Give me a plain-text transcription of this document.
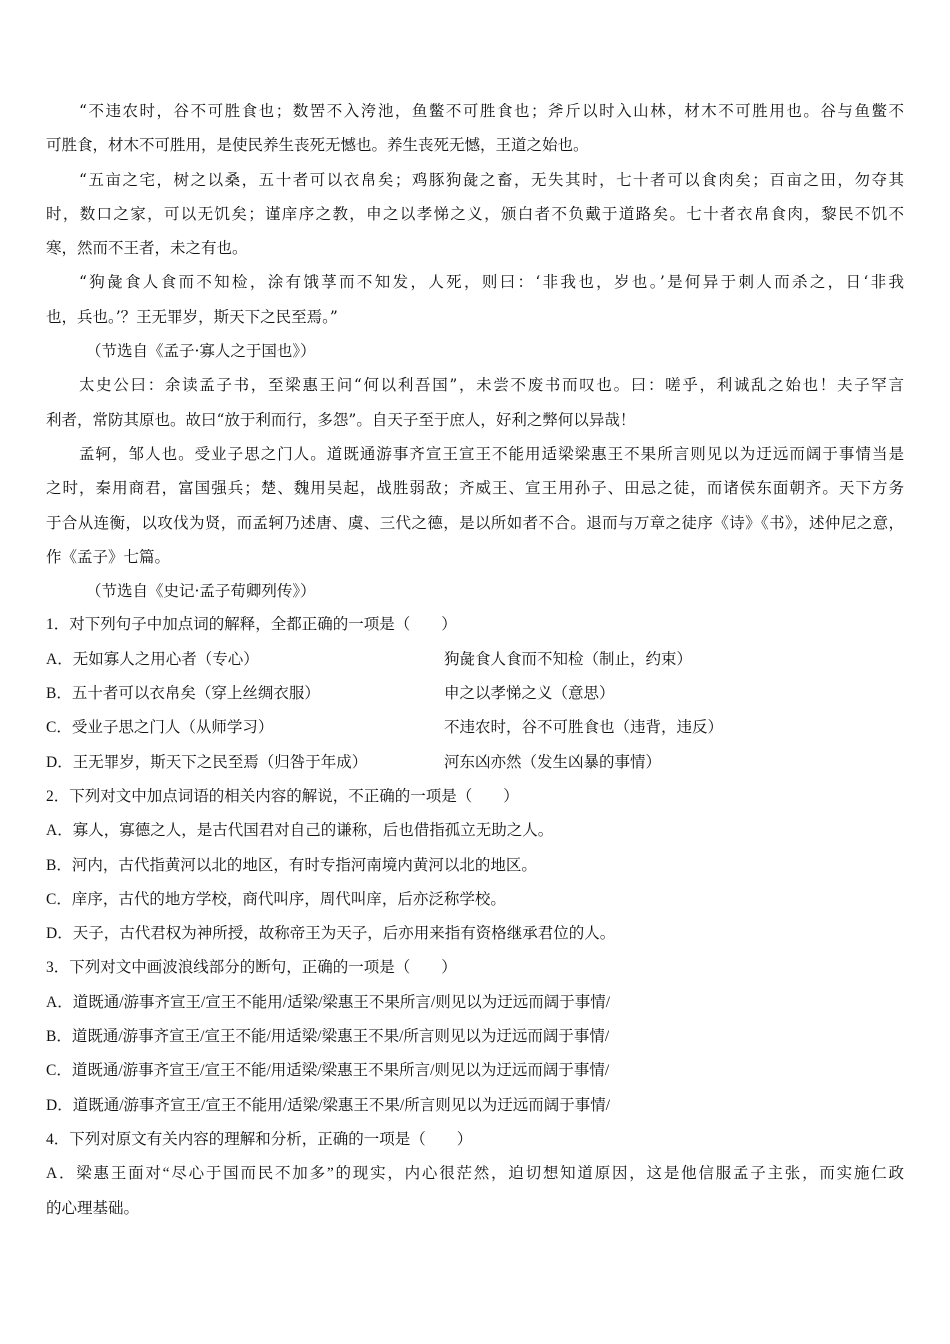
“不违农时，谷不可胜食也；数罟不入洿池，鱼鳖不可胜食也；斧斤以时入山林，材木不可胜用也。谷与鱼鳖不
可胜食，材木不可胜用，是使民养生丧死无憾也。养生丧死无憾，王道之始也。
“五亩之宅，树之以桑，五十者可以衣帛矣；鸡豚狗彘之畜，无失其时，七十者可以食肉矣；百亩之田，勿夺其
时，数口之家，可以无饥矣；谨庠序之教，申之以孝悌之义，颁白者不负戴于道路矣。七十者衣帛食肉，黎民不饥不
寒，然而不王者，未之有也。
“狗彘食人食而不知检，涂有饿莩而不知发，人死，则曰：‘非我也，岁也。’是何异于刺人而杀之，日‘非我
也，兵也。’？王无罪岁，斯天下之民至焉。”
（节选自《孟子·寡人之于国也》）
太史公曰：余读孟子书，至梁惠王问“何以利吾国”，未尝不废书而叹也。曰：嗟乎，利诚乱之始也！夫子罕言
利者，常防其原也。故曰“放于利而行，多怨”。自天子至于庶人，好利之弊何以异哉！
孟轲，邹人也。受业子思之门人。道既通游事齐宣王宣王不能用适梁梁惠王不果所言则见以为迂远而阔于事情当是
之时，秦用商君，富国强兵；楚、魏用吴起，战胜弱敌；齐威王、宣王用孙子、田忌之徒，而诸侯东面朝齐。天下方务
于合从连衡，以攻伐为贤，而孟轲乃述唐、虞、三代之德，是以所如者不合。退而与万章之徒序《诗》《书》，述仲尼之意，
作《孟子》七篇。
（节选自《史记·孟子荀卿列传》）
1．对下列句子中加点词的解释，全都正确的一项是（　　）
A．无如寡人之用心者（专心）	狗彘食人食而不知检（制止，约束）
B．五十者可以衣帛矣（穿上丝绸衣服）	申之以孝悌之义（意思）
C．受业子思之门人（从师学习）	不违农时，谷不可胜食也（违背，违反）
D．王无罪岁，斯天下之民至焉（归咎于年成）	河东凶亦然（发生凶暴的事情）
2．下列对文中加点词语的相关内容的解说，不正确的一项是（　　）
A．寡人，寡德之人，是古代国君对自己的谦称，后也借指孤立无助之人。
B．河内，古代指黄河以北的地区，有时专指河南境内黄河以北的地区。
C．庠序，古代的地方学校，商代叫序，周代叫庠，后亦泛称学校。
D．天子，古代君权为神所授，故称帝王为天子，后亦用来指有资格继承君位的人。
3．下列对文中画波浪线部分的断句，正确的一项是（　　）
A．道既通/游事齐宣王/宣王不能用/适梁/梁惠王不果所言/则见以为迂远而阔于事情/
B．道既通/游事齐宣王/宣王不能/用适梁/梁惠王不果/所言则见以为迂远而阔于事情/
C．道既通/游事齐宣王/宣王不能/用适梁/梁惠王不果所言/则见以为迂远而阔于事情/
D．道既通/游事齐宣王/宣王不能用/适梁/梁惠王不果/所言则见以为迂远而阔于事情/
4．下列对原文有关内容的理解和分析，正确的一项是（　　）
A．梁惠王面对“尽心于国而民不加多”的现实，内心很茫然，迫切想知道原因，这是他信服孟子主张，而实施仁政
的心理基础。
